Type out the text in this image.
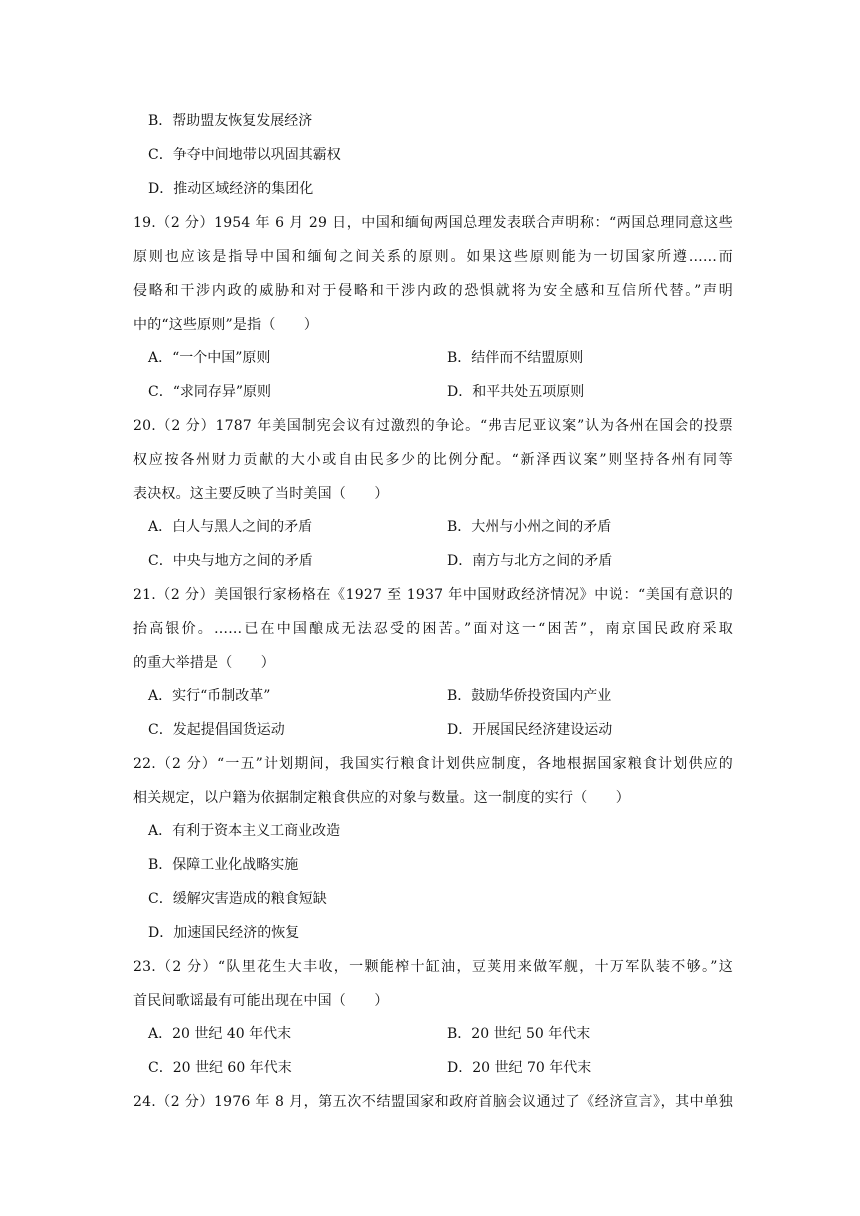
B．帮助盟友恢复发展经济
C．争夺中间地带以巩固其霸权
D．推动区域经济的集团化
19.（2 分）1954 年 6 月 29 日，中国和缅甸两国总理发表联合声明称：“两国总理同意这些
原则也应该是指导中国和缅甸之间关系的原则。如果这些原则能为一切国家所遵……而
侵略和干涉内政的威胁和对于侵略和干涉内政的恐惧就将为安全感和互信所代替。”声明
中的“这些原则”是指（　　）
A．“一个中国”原则	B．结伴而不结盟原则
C．“求同存异”原则	D．和平共处五项原则
20.（2 分）1787 年美国制宪会议有过激烈的争论。“弗吉尼亚议案”认为各州在国会的投票
权应按各州财力贡献的大小或自由民多少的比例分配。“新泽西议案”则坚持各州有同等
表决权。这主要反映了当时美国（　　）
A．白人与黑人之间的矛盾	B．大州与小州之间的矛盾
C．中央与地方之间的矛盾	D．南方与北方之间的矛盾
21.（2 分）美国银行家杨格在《1927 至 1937 年中国财政经济情况》中说：“美国有意识的
抬高银价。……已在中国酿成无法忍受的困苦。”面对这一“困苦”，南京国民政府采取
的重大举措是（　　）
A．实行“币制改革”	B．鼓励华侨投资国内产业
C．发起提倡国货运动	D．开展国民经济建设运动
22.（2 分）“一五”计划期间，我国实行粮食计划供应制度，各地根据国家粮食计划供应的
相关规定，以户籍为依据制定粮食供应的对象与数量。这一制度的实行（　　）
A．有利于资本主义工商业改造
B．保障工业化战略实施
C．缓解灾害造成的粮食短缺
D．加速国民经济的恢复
23.（2 分）“队里花生大丰收，一颗能榨十缸油，豆荚用来做军舰，十万军队装不够。”这
首民间歌谣最有可能出现在中国（　　）
A．20 世纪 40 年代末	B．20 世纪 50 年代末
C．20 世纪 60 年代末	D．20 世纪 70 年代末
24.（2 分）1976 年 8 月，第五次不结盟国家和政府首脑会议通过了《经济宣言》，其中单独
